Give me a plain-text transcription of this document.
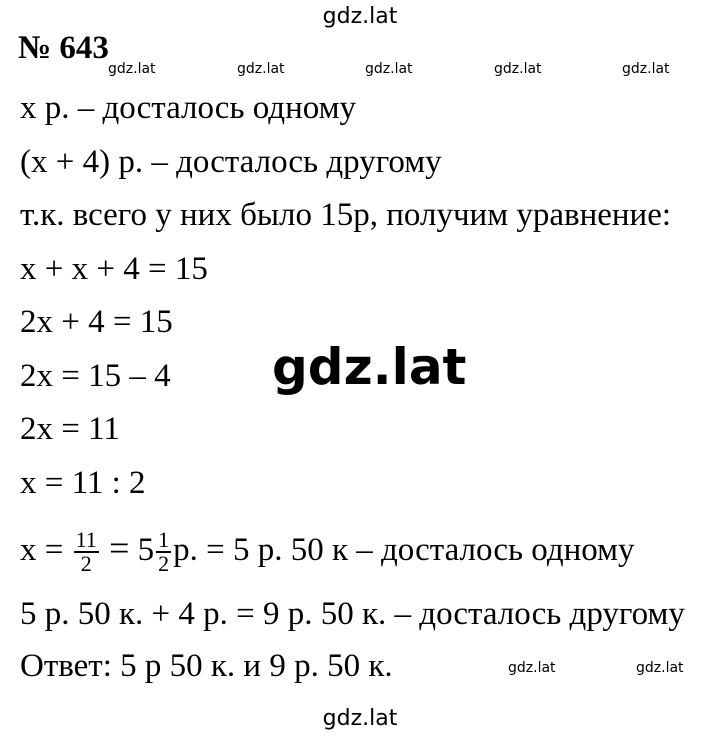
gdz.lat
№ 643
gdz.lat	gdz.lat	gdz.lat	gdz.lat	gdz.lat
x р. – досталось одному
(x + 4) р. – досталось другому
т.к. всего у них было 15р, получим уравнение:
x + x + 4 = 15
2x + 4 = 15
2x = 15 – 4
2x = 11
x = 11 : 2
gdz.lat
$x = \frac{11}{2} = 5 \frac{1}{2} р$. = 5 р. 50 к – досталось одному
5 р. 50 к. + 4 р. = 9 р. 50 к. – досталось другому
Ответ: 5 р 50 к. и 9 р. 50 к.	gdz.lat	gdz.lat
gdz.lat
